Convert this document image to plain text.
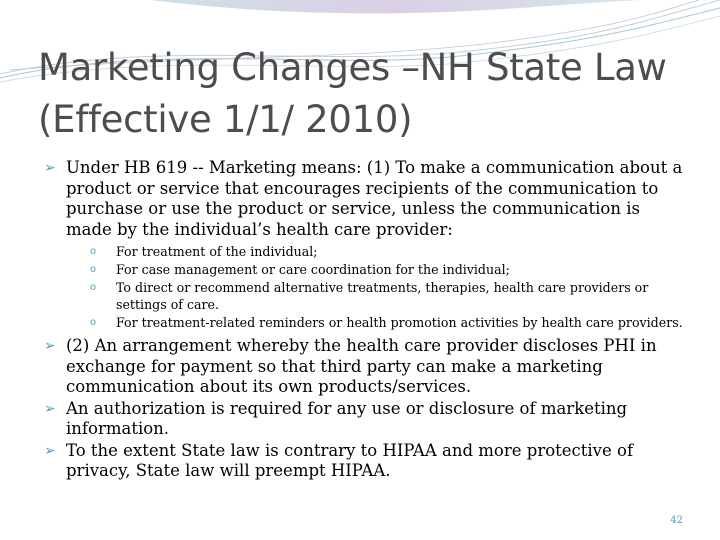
Marketing Changes –NH State Law (Effective 1/1/ 2010)
➢ Under HB 619 -- Marketing means: (1) To make a communication about a product or service that encourages recipients of the communication to purchase or use the product or service, unless the communication is made by the individual’s health care provider:
o For treatment of the individual;
o For case management or care coordination for the individual;
o To direct or recommend alternative treatments, therapies, health care providers or settings of care.
o For treatment-related reminders or health promotion activities by health care providers.
➢ (2) An arrangement whereby the health care provider discloses PHI in exchange for payment so that third party can make a marketing communication about its own products/services.
➢ An authorization is required for any use or disclosure of marketing information.
➢ To the extent State law is contrary to HIPAA and more protective of privacy, State law will preempt HIPAA.
42
